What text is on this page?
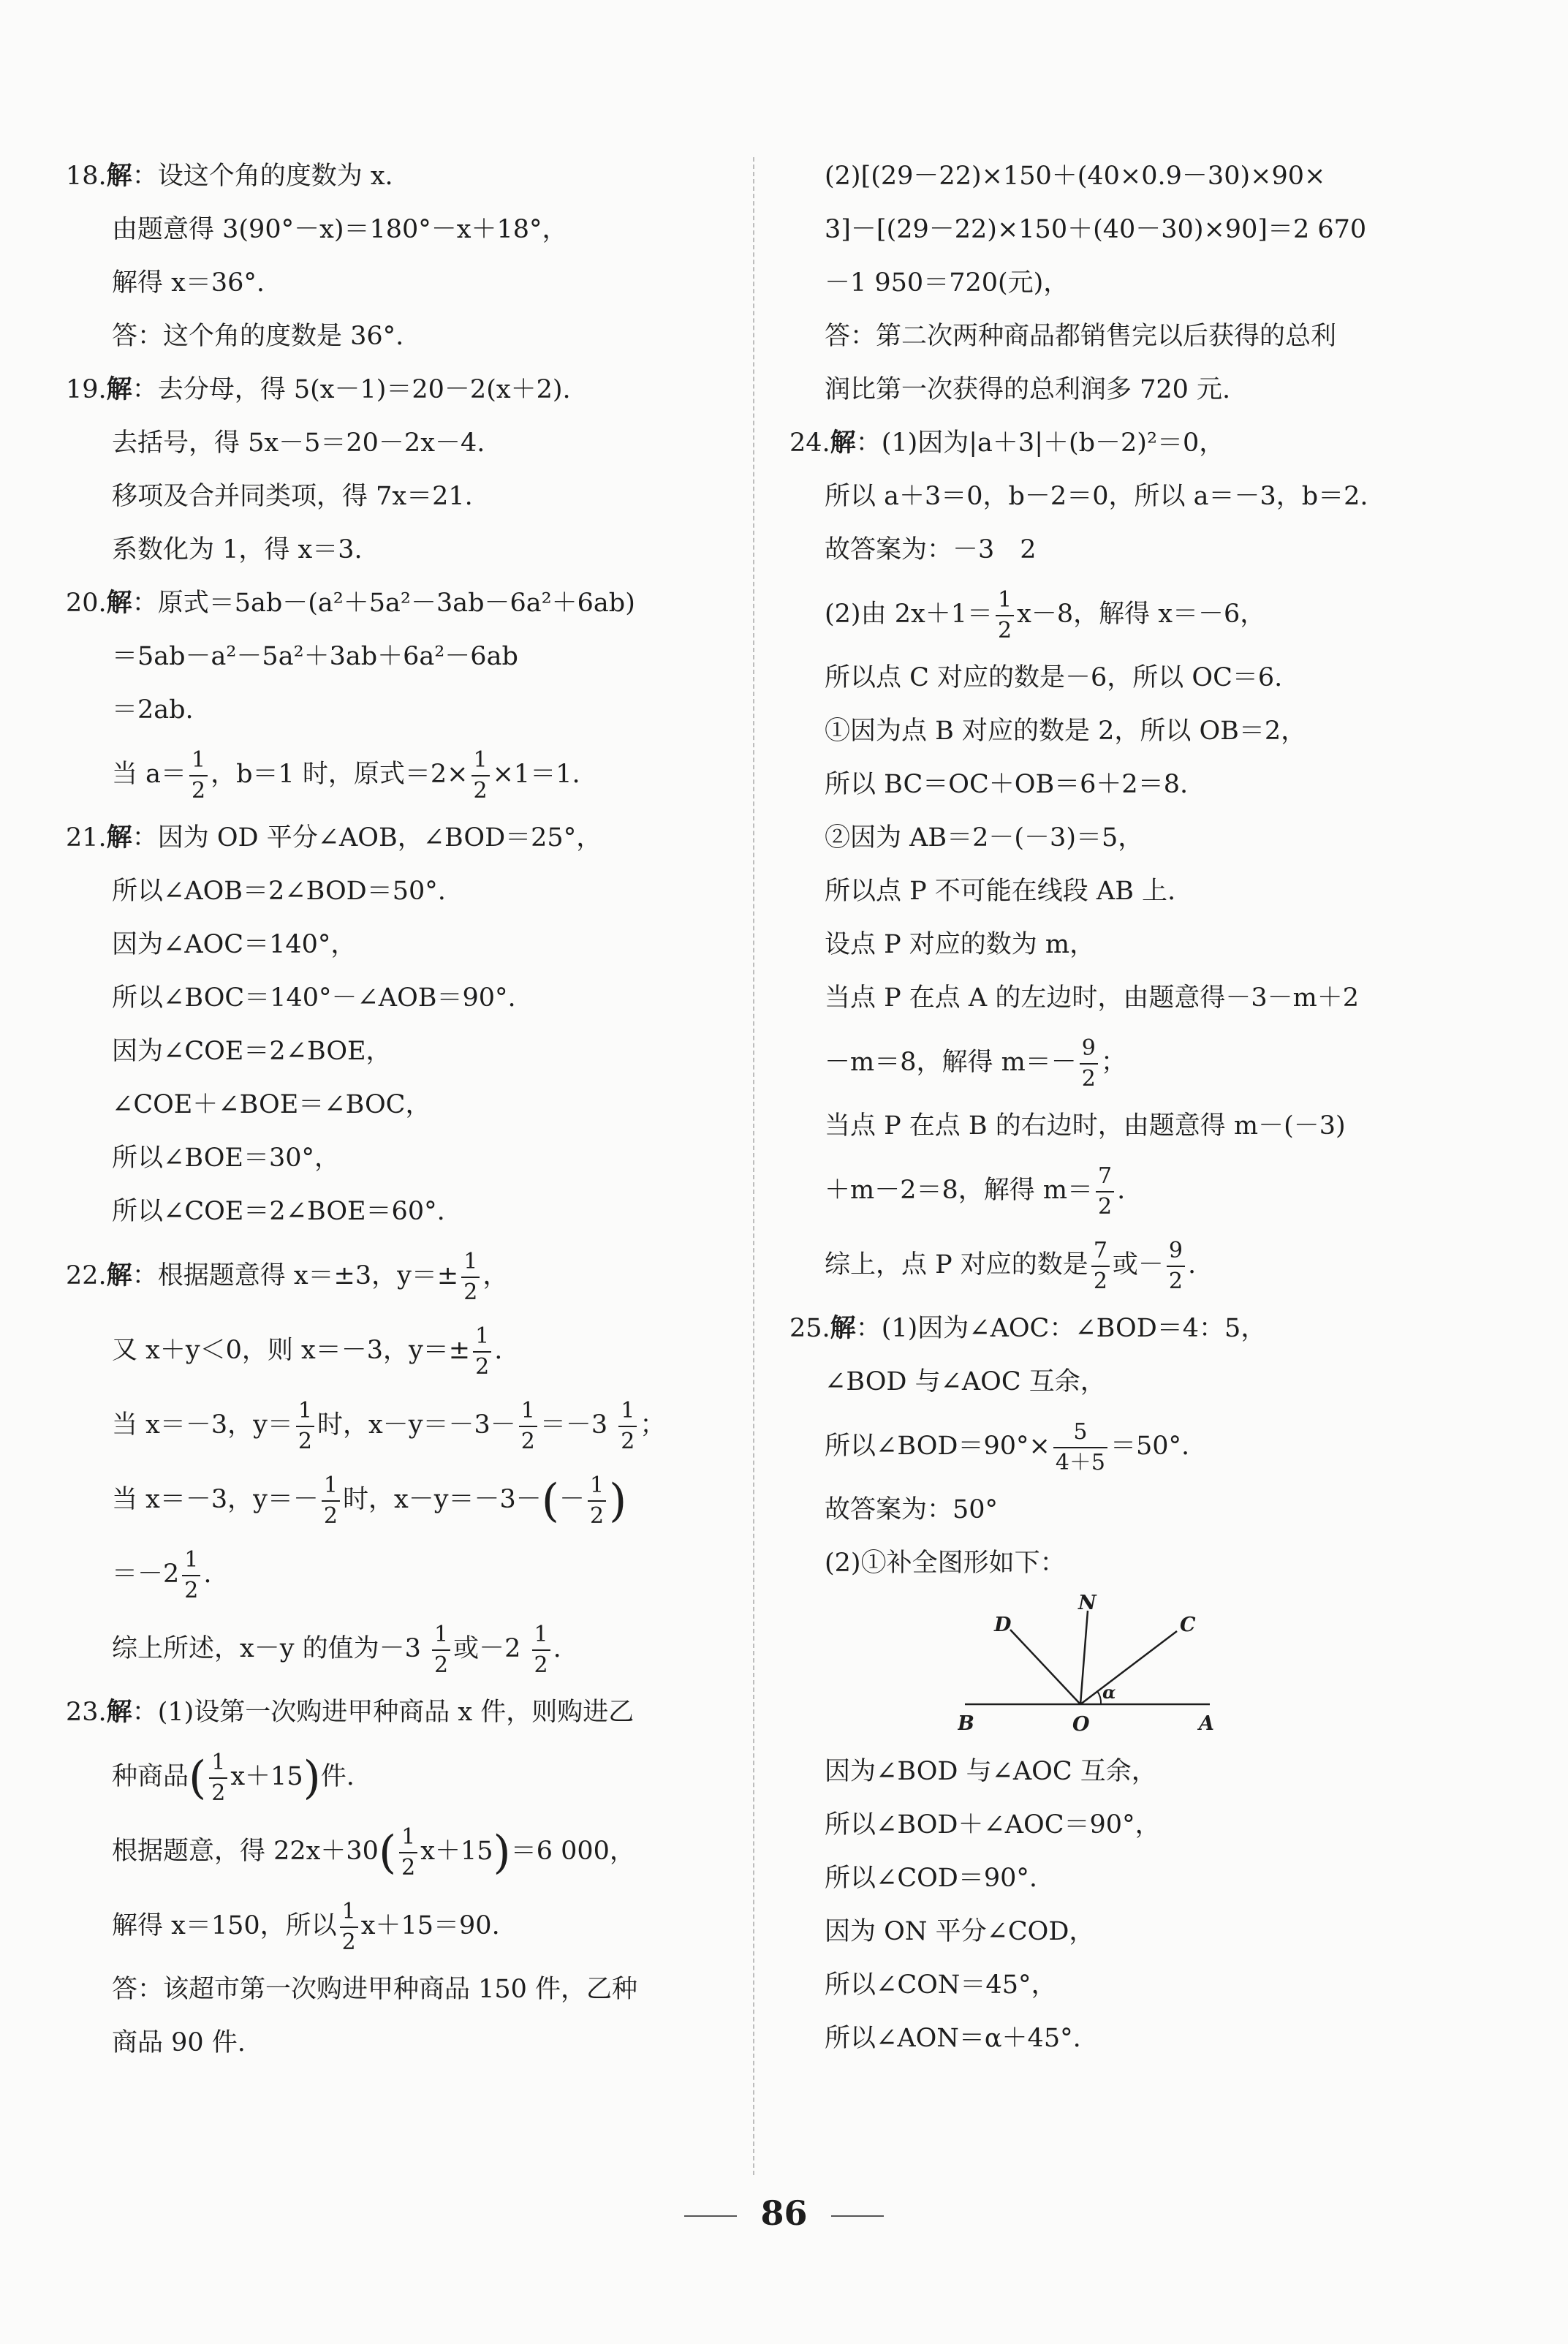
18.解：设这个角的度数为 x.
由题意得 3(90°－x)＝180°－x＋18°，
解得 x＝36°.
答：这个角的度数是 36°.
19.解：去分母，得 5(x－1)＝20－2(x＋2).
去括号，得 5x－5＝20－2x－4.
移项及合并同类项，得 7x＝21.
系数化为 1，得 x＝3.
20.解：原式＝5ab－(a²＋5a²－3ab－6a²＋6ab)
＝5ab－a²－5a²＋3ab＋6a²－6ab
＝2ab.
当 $a= \frac{1}{2}$ ，b＝1 时，原式$=2\times \frac{1}{2} \times 1=1$.
21.解：因为 OD 平分∠AOB，∠BOD＝25°，
所以∠AOB＝2∠BOD＝50°.
因为∠AOC＝140°，
所以∠BOC＝140°－∠AOB＝90°.
因为∠COE＝2∠BOE，
∠COE＋∠BOE＝∠BOC，
所以∠BOE＝30°，
所以∠COE＝2∠BOE＝60°.
22.解：根据题意得 x＝±3，$y=\pm \frac{1}{2}$ ，
又 x＋y＜0，则 x＝－3，$y=\pm \frac{1}{2}$ .
当 x＝－3，$y= \frac{1}{2}$ 时，$x-y=-3- \frac{1}{2} =-3 \frac{1}{2}$ ；
当 x＝－3，$y=- \frac{1}{2}$ 时，$x-y=-3-(- \frac{1}{2}$ )
$=-2 \frac{1}{2}$ .
综上所述，x－y 的值为$-3 \frac{1}{2}$ 或$-2 \frac{1}{2}$ .
23.解：(1)设第一次购进甲种商品 x 件，则购进乙
种商品( $\frac{1}{2} x+15$)件.
根据题意，得 $22x+30( \frac{1}{2} x+15)=6$ 000，
解得 x＝150，所以 $\frac{1}{2} x+15=90$.
答：该超市第一次购进甲种商品 150 件，乙种
商品 90 件.
(2)[(29－22)×150＋(40×0.9－30)×90×
3]－[(29－22)×150＋(40－30)×90]＝2 670
－1 950＝720(元)，
答：第二次两种商品都销售完以后获得的总利
润比第一次获得的总利润多 720 元.
24.解：(1)因为|a＋3|＋(b－2)²＝0，
所以 a＋3＝0，b－2＝0，所以 a＝－3，b＝2.
故答案为：－3　2
(2)由 $2x+1= \frac{1}{2} x-8$，解得 x＝－6，
所以点 C 对应的数是－6，所以 OC＝6.
①因为点 B 对应的数是 2，所以 OB＝2，
所以 BC＝OC＋OB＝6＋2＝8.
②因为 AB＝2－(－3)＝5，
所以点 P 不可能在线段 AB 上.
设点 P 对应的数为 m，
当点 P 在点 A 的左边时，由题意得－3－m＋2
－m＝8，解得 $m=- \frac{9}{2}$ ；
当点 P 在点 B 的右边时，由题意得 m－(－3)
＋m－2＝8，解得 $m= \frac{7}{2}$ .
综上，点 P 对应的数是 $\frac{7}{2}$ 或－ $\frac{9}{2}$ .
25.解：(1)因为∠AOC：∠BOD＝4：5，
∠BOD 与∠AOC 互余，
所以∠BOD＝90°× $\frac{5}{4+5} =50^\circ$.
故答案为：50°
(2)①补全图形如下：
D
N
C
B	O	A
α
因为∠BOD 与∠AOC 互余，
所以∠BOD＋∠AOC＝90°，
所以∠COD＝90°.
因为 ON 平分∠COD，
所以∠CON＝45°，
所以∠AON＝α＋45°.
86
